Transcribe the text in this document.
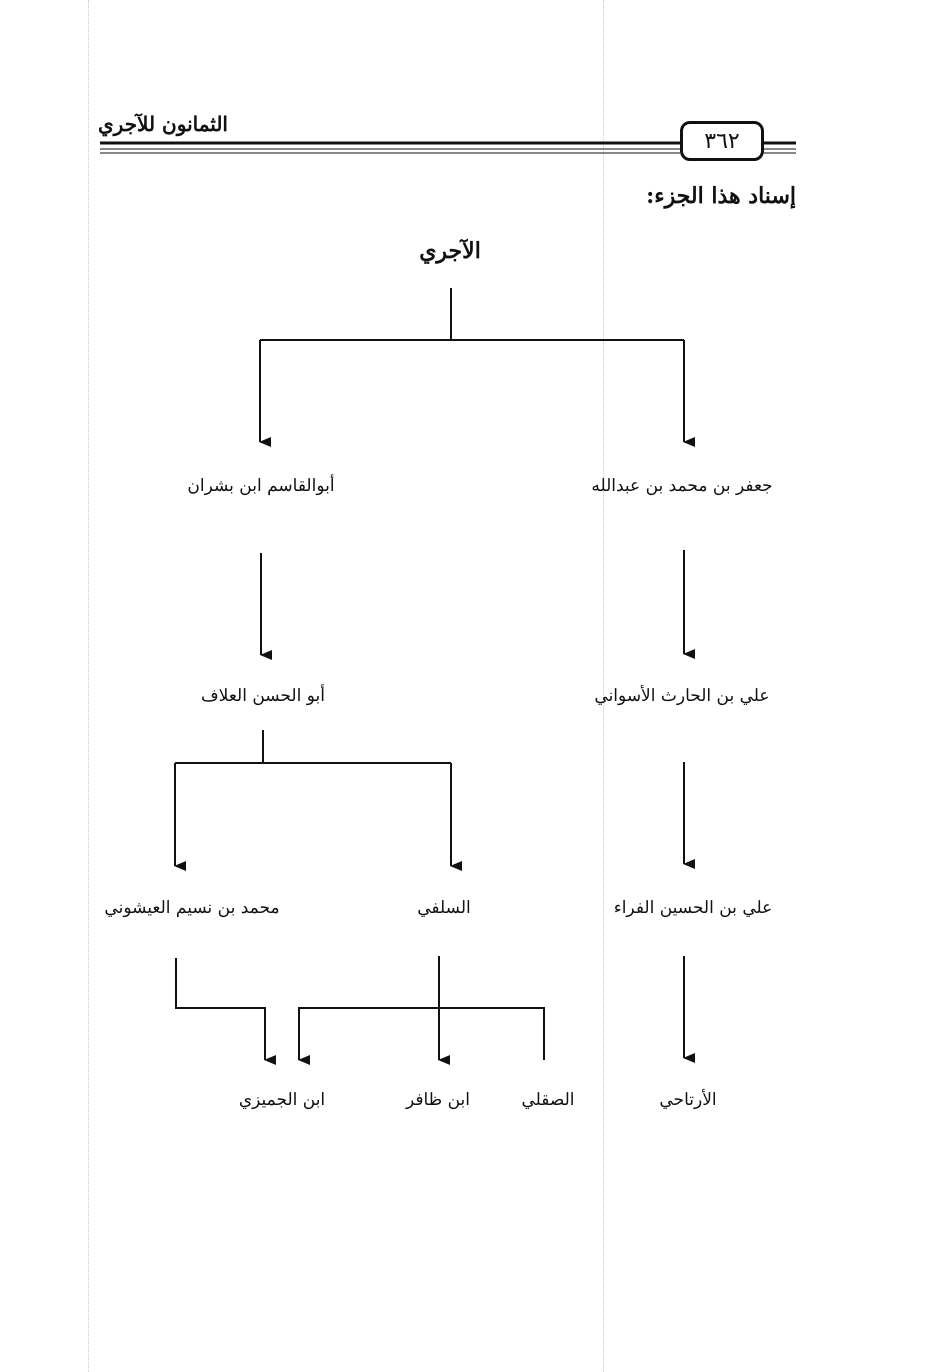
الثمانون للآجري
٣٦٢
إسناد هذا الجزء:
الآجري
جعفر بن محمد بن عبدالله
أبوالقاسم ابن بشران
علي بن الحارث الأسواني
أبو الحسن العلاف
علي بن الحسين الفراء
السلفي
محمد بن نسيم العيشوني
الأرتاحي
الصقلي
ابن ظافر
ابن الجميزي
